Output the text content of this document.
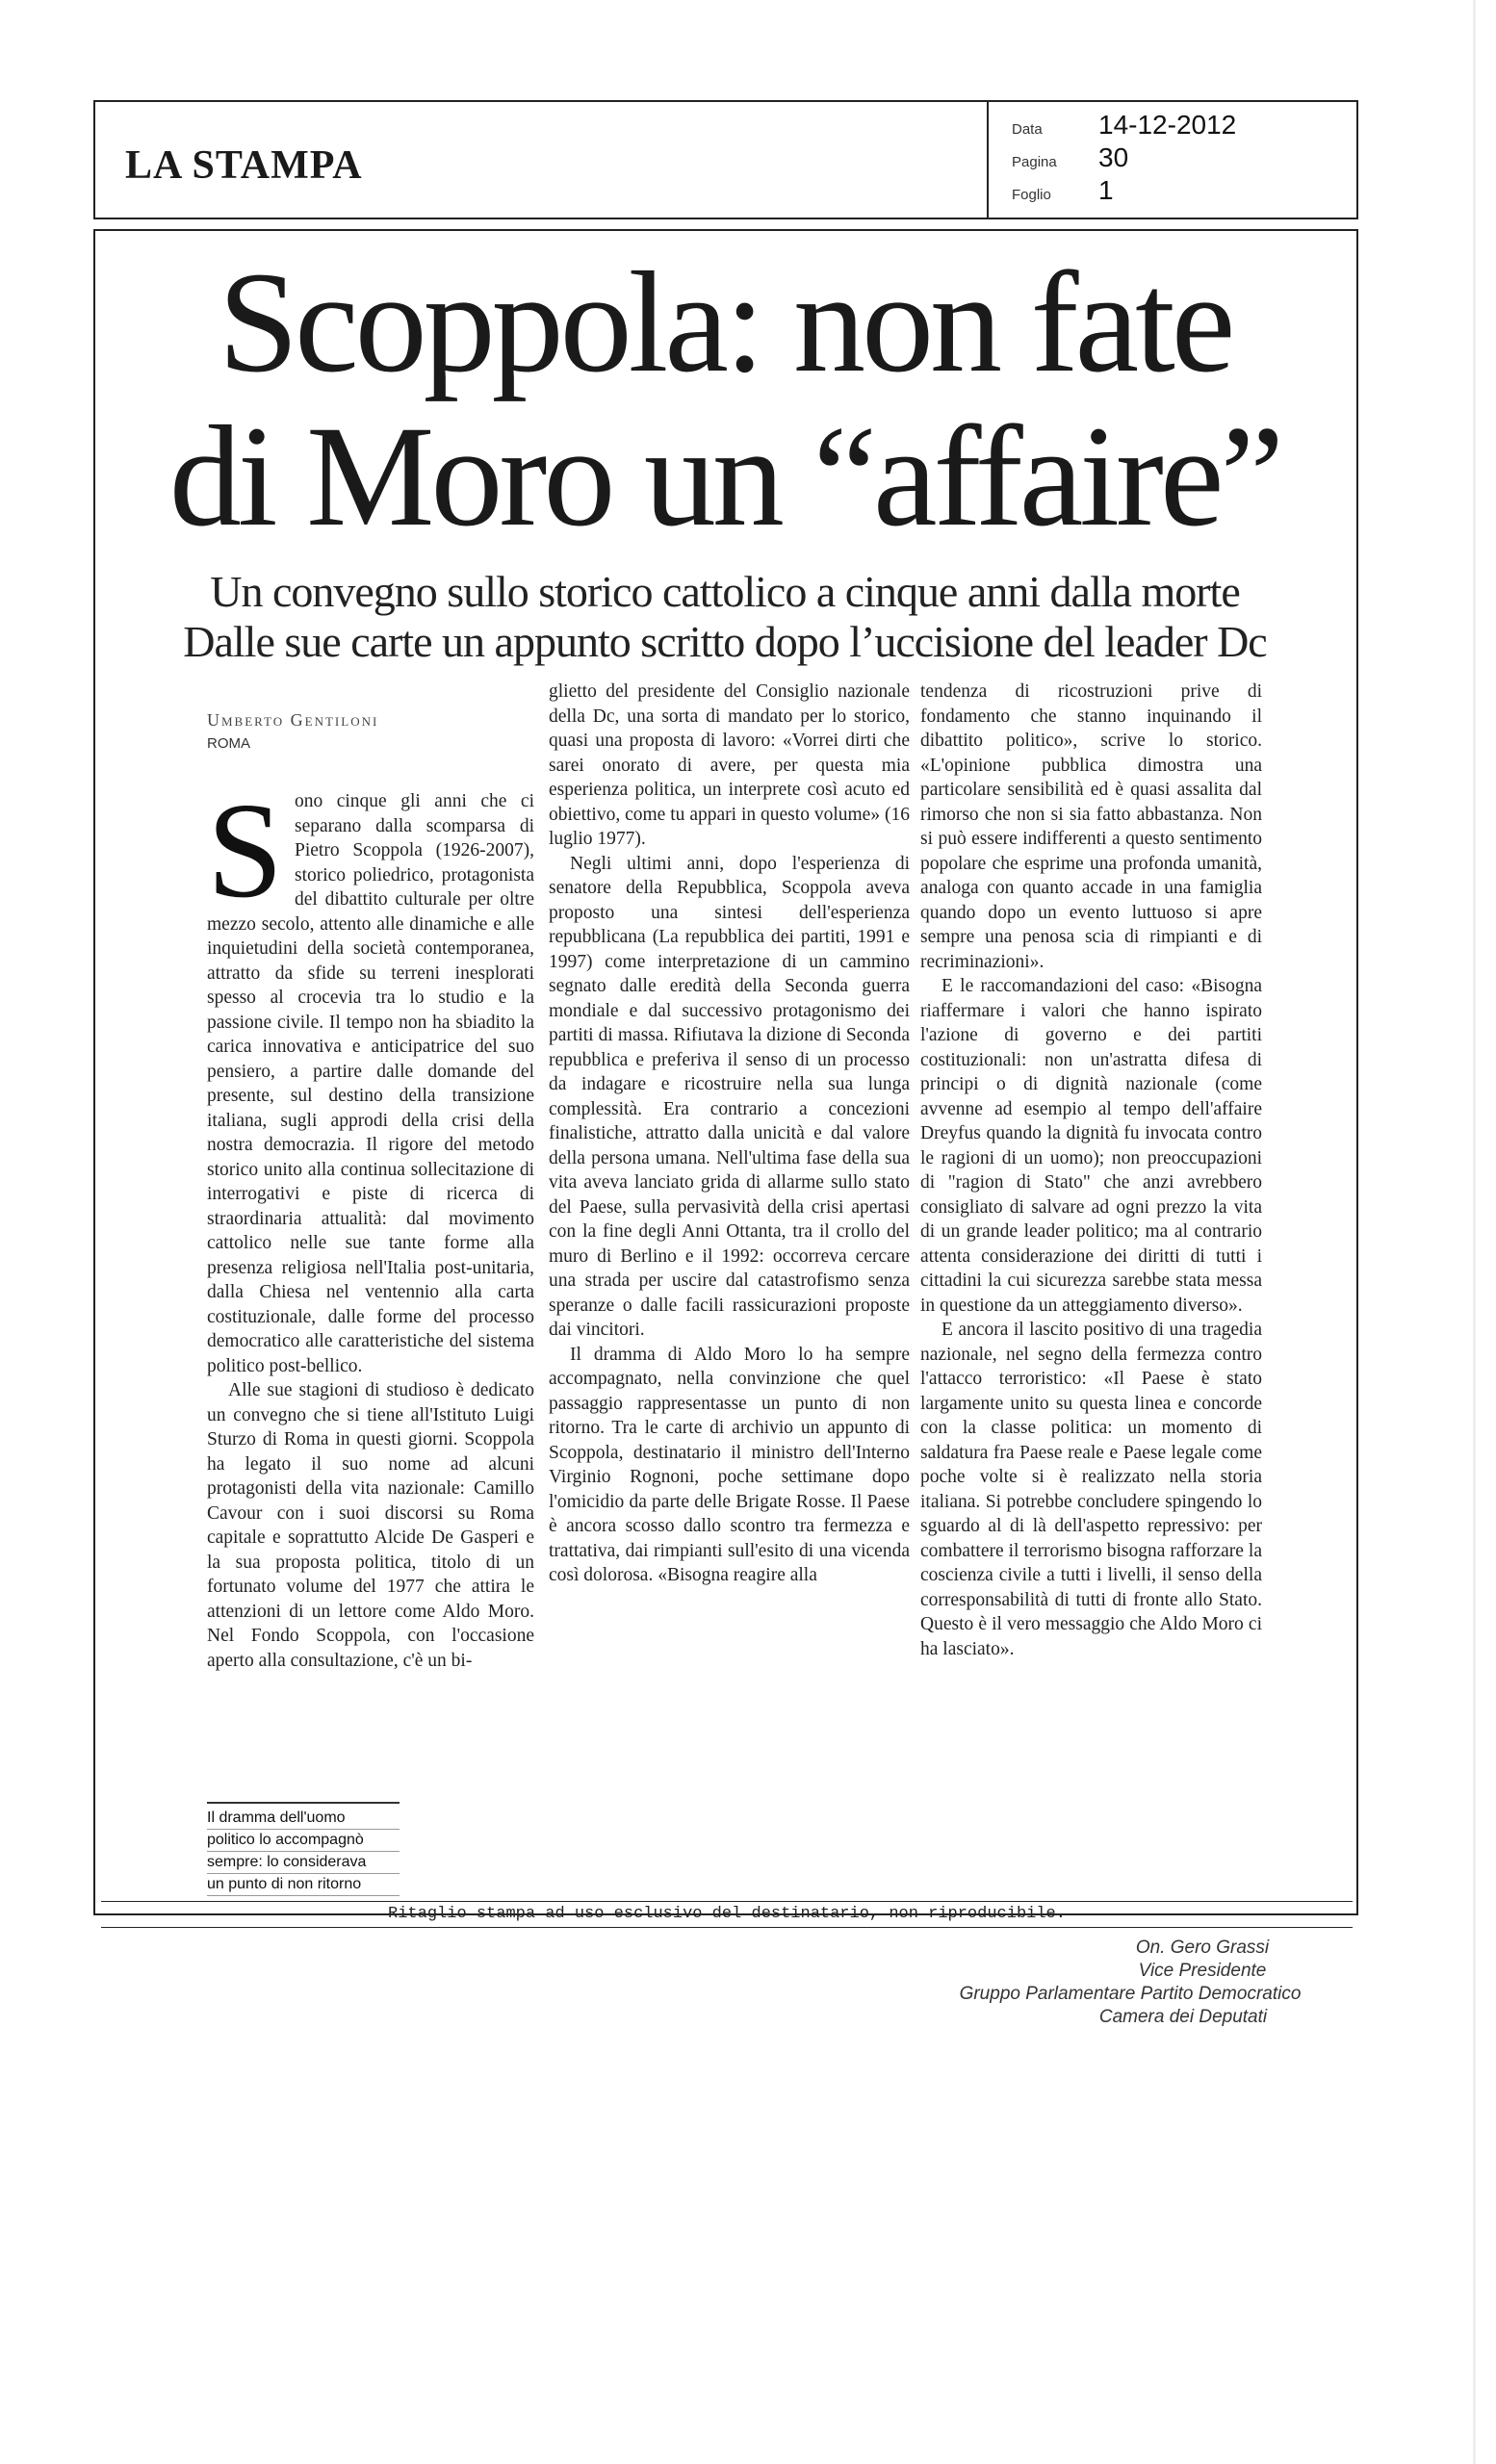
LA STAMPA
Data	14-12-2012
Pagina	30
Foglio	1
Scoppola: non fate
di Moro un “affaire”
Un convegno sullo storico cattolico a cinque anni dalla morte
Dalle sue carte un appunto scritto dopo l’uccisione del leader Dc
Umberto Gentiloni
ROMA

Sono cinque gli anni che ci separano dalla scomparsa di Pietro Scoppola (1926-2007), storico poliedrico, protagonista del dibattito culturale per oltre mezzo secolo, attento alle dinamiche e alle inquietudini della società contemporanea, attratto da sfide su terreni inesplorati spesso al crocevia tra lo studio e la passione civile. Il tempo non ha sbiadito la carica innovativa e anticipatrice del suo pensiero, a partire dalle domande del presente, sul destino della transizione italiana, sugli approdi della crisi della nostra democrazia. Il rigore del metodo storico unito alla continua sollecitazione di interrogativi e piste di ricerca di straordinaria attualità: dal movimento cattolico nelle sue tante forme alla presenza religiosa nell'Italia post-unitaria, dalla Chiesa nel ventennio alla carta costituzionale, dalle forme del processo democratico alle caratteristiche del sistema politico post-bellico.

Alle sue stagioni di studioso è dedicato un convegno che si tiene all'Istituto Luigi Sturzo di Roma in questi giorni. Scoppola ha legato il suo nome ad alcuni protagonisti della vita nazionale: Camillo Cavour con i suoi discorsi su Roma capitale e soprattutto Alcide De Gasperi e la sua proposta politica, titolo di un fortunato volume del 1977 che attira le attenzioni di un lettore come Aldo Moro. Nel Fondo Scoppola, con l'occasione aperto alla consultazione, c'è un bi-

Il dramma dell'uomo
politico lo accompagnò
sempre: lo considerava
un punto di non ritorno

glietto del presidente del Consiglio nazionale della Dc, una sorta di mandato per lo storico, quasi una proposta di lavoro: «Vorrei dirti che sarei onorato di avere, per questa mia esperienza politica, un interprete così acuto ed obiettivo, come tu appari in questo volume» (16 luglio 1977).

Negli ultimi anni, dopo l'esperienza di senatore della Repubblica, Scoppola aveva proposto una sintesi dell'esperienza repubblicana (La repubblica dei partiti, 1991 e 1997) come interpretazione di un cammino segnato dalle eredità della Seconda guerra mondiale e dal successivo protagonismo dei partiti di massa. Rifiutava la dizione di Seconda repubblica e preferiva il senso di un processo da indagare e ricostruire nella sua lunga complessità. Era contrario a concezioni finalistiche, attratto dalla unicità e dal valore della persona umana. Nell'ultima fase della sua vita aveva lanciato grida di allarme sullo stato del Paese, sulla pervasività della crisi apertasi con la fine degli Anni Ottanta, tra il crollo del muro di Berlino e il 1992: occorreva cercare una strada per uscire dal catastrofismo senza speranze o dalle facili rassicurazioni proposte dai vincitori.

Il dramma di Aldo Moro lo ha sempre accompagnato, nella convinzione che quel passaggio rappresentasse un punto di non ritorno. Tra le carte di archivio un appunto di Scoppola, destinatario il ministro dell'Interno Virginio Rognoni, poche settimane dopo l'omicidio da parte delle Brigate Rosse. Il Paese è ancora scosso dallo scontro tra fermezza e trattativa, dai rimpianti sull'esito di una vicenda così dolorosa. «Bisogna reagire alla

tendenza di ricostruzioni prive di fondamento che stanno inquinando il dibattito politico», scrive lo storico. «L'opinione pubblica dimostra una particolare sensibilità ed è quasi assalita dal rimorso che non si sia fatto abbastanza. Non si può essere indifferenti a questo sentimento popolare che esprime una profonda umanità, analoga con quanto accade in una famiglia quando dopo un evento luttuoso si apre sempre una penosa scia di rimpianti e di recriminazioni».

E le raccomandazioni del caso: «Bisogna riaffermare i valori che hanno ispirato l'azione di governo e dei partiti costituzionali: non un'astratta difesa di principi o di dignità nazionale (come avvenne ad esempio al tempo dell'affaire Dreyfus quando la dignità fu invocata contro le ragioni di un uomo); non preoccupazioni di "ragion di Stato" che anzi avrebbero consigliato di salvare ad ogni prezzo la vita di un grande leader politico; ma al contrario attenta considerazione dei diritti di tutti i cittadini la cui sicurezza sarebbe stata messa in questione da un atteggiamento diverso».

E ancora il lascito positivo di una tragedia nazionale, nel segno della fermezza contro l'attacco terroristico: «Il Paese è stato largamente unito su questa linea e concorde con la classe politica: un momento di saldatura fra Paese reale e Paese legale come poche volte si è realizzato nella storia italiana. Si potrebbe concludere spingendo lo sguardo al di là dell'aspetto repressivo: per combattere il terrorismo bisogna rafforzare la coscienza civile a tutti i livelli, il senso della corresponsabilità di tutti di fronte allo Stato. Questo è il vero messaggio che Aldo Moro ci ha lasciato».

Ritaglio stampa ad uso esclusivo del destinatario, non riproducibile.
On. Gero Grassi
Vice Presidente
Gruppo Parlamentare Partito Democratico
Camera dei Deputati
